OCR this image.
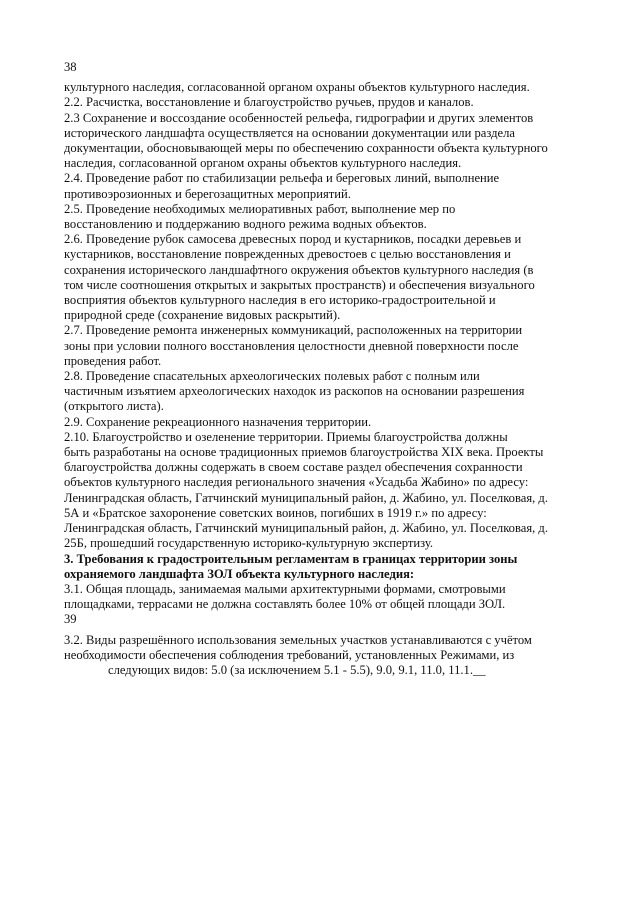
38
культурного наследия, согласованной органом охраны объектов культурного наследия.
2.2. Расчистка, восстановление и благоустройство ручьев, прудов и каналов.
2.3 Сохранение и воссоздание особенностей рельефа, гидрографии и других элементов
исторического ландшафта осуществляется на основании документации или раздела
документации, обосновывающей меры по обеспечению сохранности объекта культурного
наследия, согласованной органом охраны объектов культурного наследия.
2.4. Проведение работ по стабилизации рельефа и береговых линий, выполнение
противоэрозионных и берегозащитных мероприятий.
2.5. Проведение необходимых мелиоративных работ, выполнение мер по
восстановлению и поддержанию водного режима водных объектов.
2.6. Проведение рубок самосева древесных пород и кустарников, посадки деревьев и
кустарников, восстановление поврежденных древостоев с целью восстановления и
сохранения исторического ландшафтного окружения объектов культурного наследия (в
том числе соотношения открытых и закрытых пространств) и обеспечения визуального
восприятия объектов культурного наследия в его историко-градостроительной и
природной среде (сохранение видовых раскрытий).
2.7. Проведение ремонта инженерных коммуникаций, расположенных на территории
зоны при условии полного восстановления целостности дневной поверхности после
проведения работ.
2.8. Проведение спасательных археологических полевых работ с полным или
частичным изъятием археологических находок из раскопов на основании разрешения
(открытого листа).
2.9. Сохранение рекреационного назначения территории.
2.10. Благоустройство и озеленение территории. Приемы благоустройства должны
быть разработаны на основе традиционных приемов благоустройства XIX века. Проекты
благоустройства должны содержать в своем составе раздел обеспечения сохранности
объектов культурного наследия регионального значения «Усадьба Жабино» по адресу:
Ленинградская область, Гатчинский муниципальный район, д. Жабино, ул. Поселковая, д.
5А и «Братское захоронение советских воинов, погибших в 1919 г.» по адресу:
Ленинградская область, Гатчинский муниципальный район, д. Жабино, ул. Поселковая, д.
25Б, прошедший государственную историко-культурную экспертизу.
3. Требования к градостроительным регламентам в границах территории зоны
охраняемого ландшафта ЗОЛ объекта культурного наследия:
3.1. Общая площадь, занимаемая малыми архитектурными формами, смотровыми
площадками, террасами не должна составлять более 10% от общей площади ЗОЛ.
39
3.2. Виды разрешённого использования земельных участков устанавливаются с учётом
необходимости обеспечения соблюдения требований, установленных Режимами, из
следующих видов: 5.0 (за исключением 5.1 - 5.5), 9.0, 9.1, 11.0, 11.1.__
